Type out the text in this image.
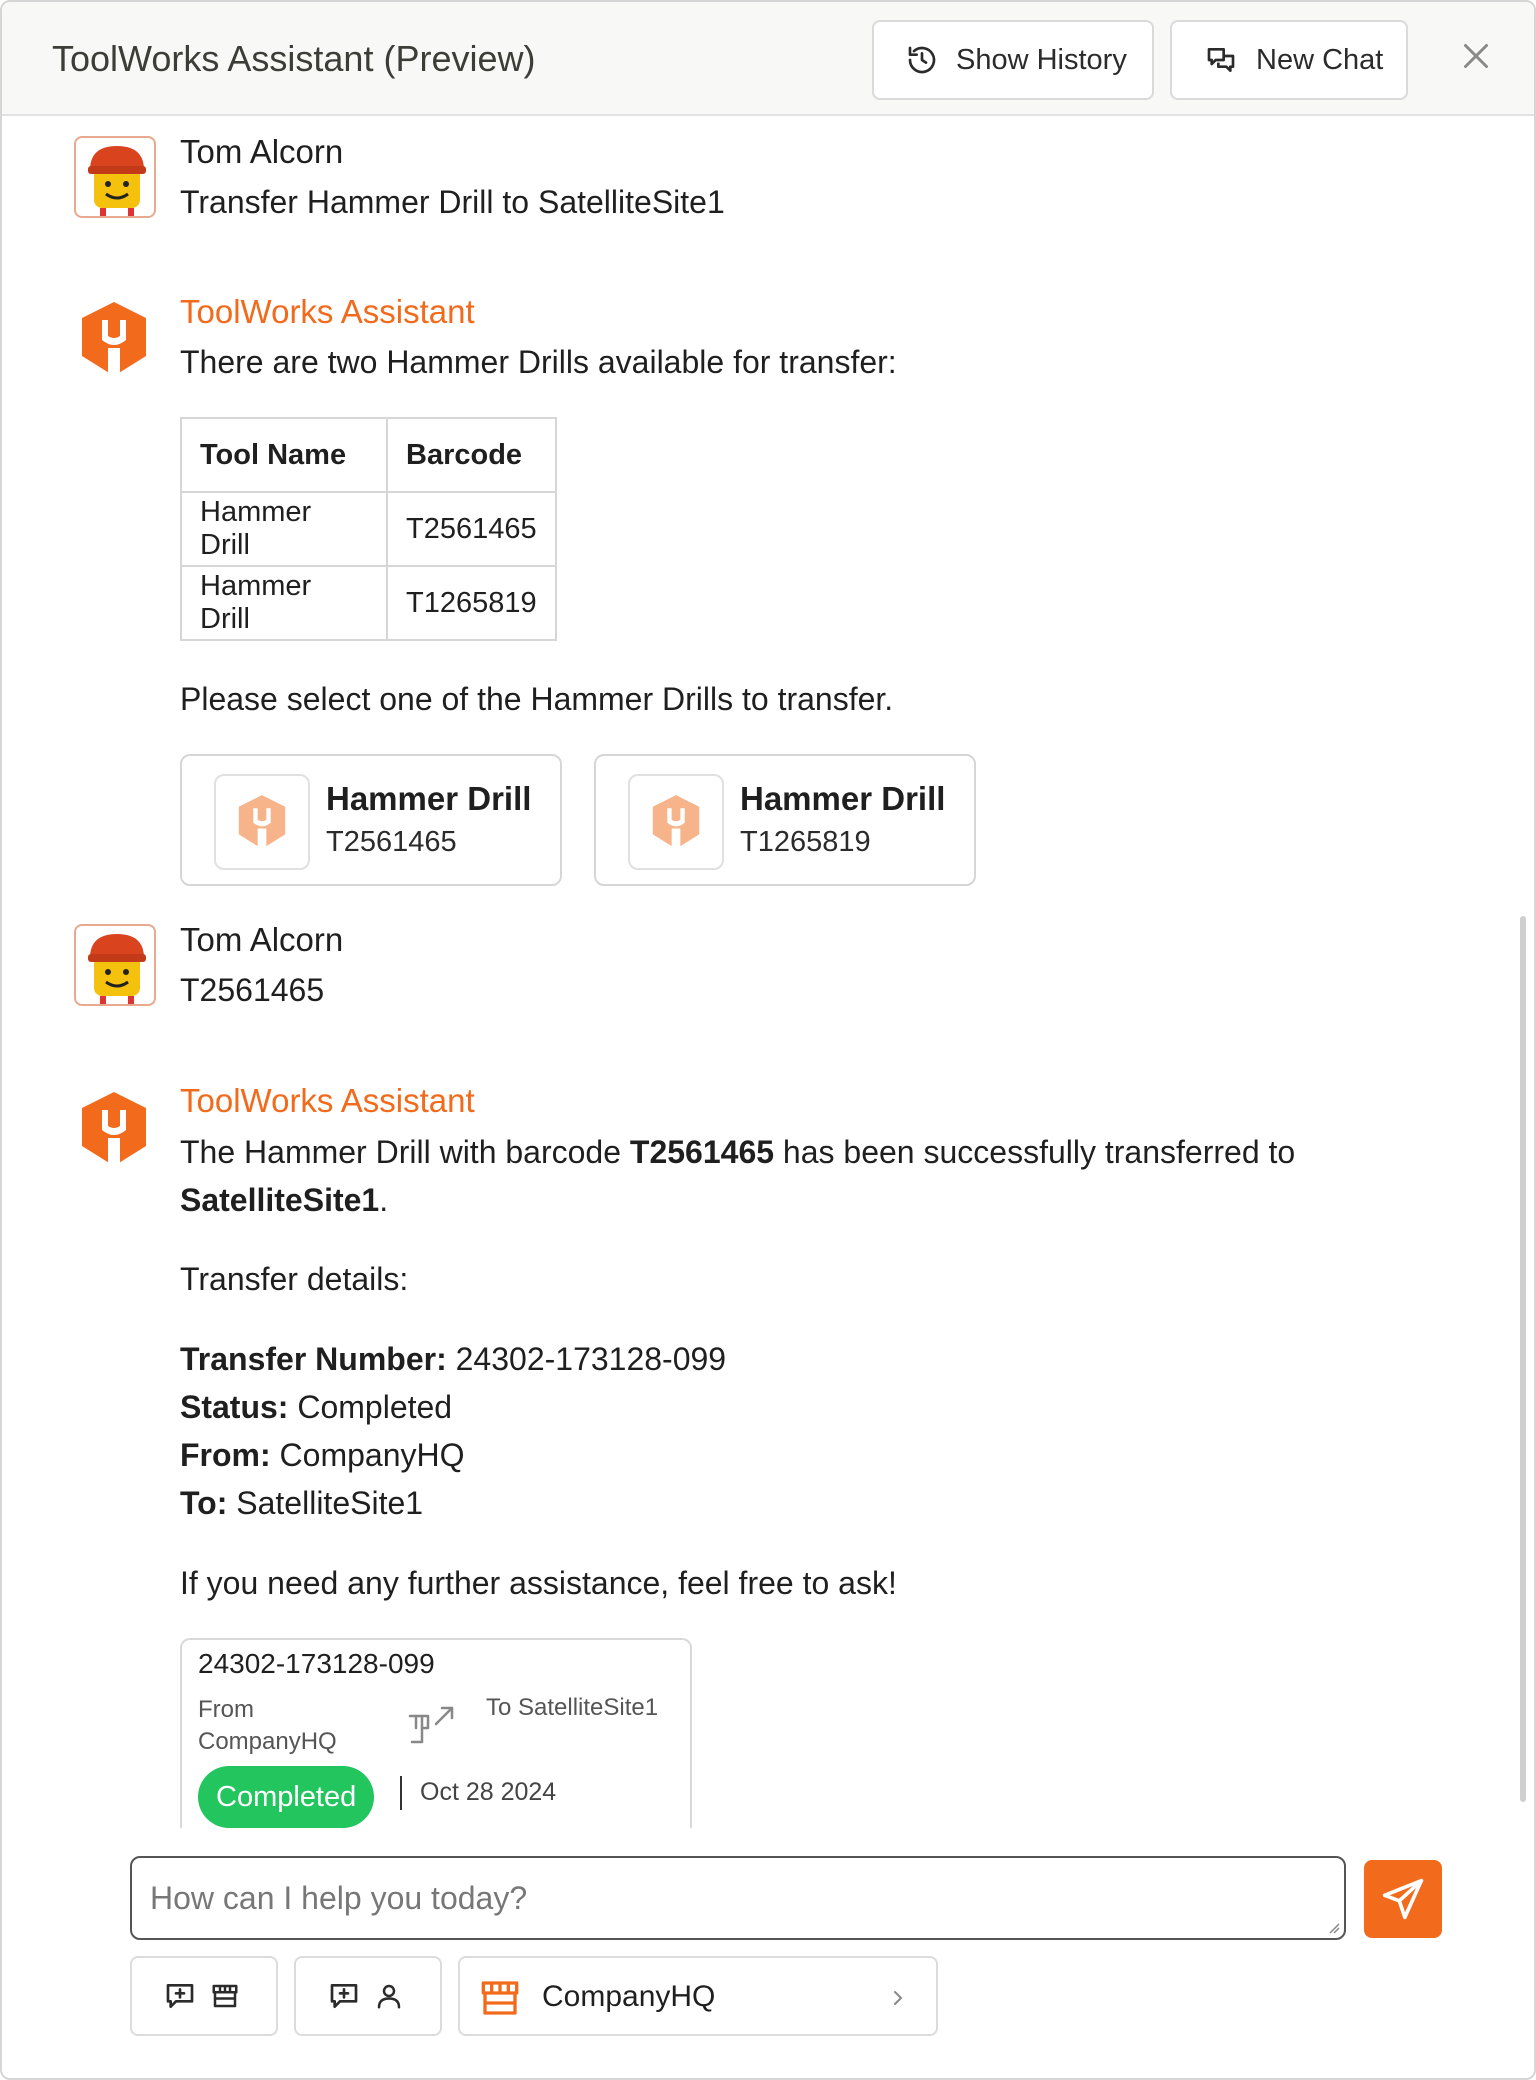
ToolWorks Assistant (Preview)	Show History	New Chat
Tom Alcorn
Transfer Hammer Drill to SatelliteSite1
ToolWorks Assistant
There are two Hammer Drills available for transfer:
Tool Name	Barcode
Hammer Drill	T2561465
Hammer Drill	T1265819
Please select one of the Hammer Drills to transfer.
Hammer Drill
T2561465
Hammer Drill
T1265819
Tom Alcorn
T2561465
ToolWorks Assistant
The Hammer Drill with barcode T2561465 has been successfully transferred to SatelliteSite1.
Transfer details:
Transfer Number: 24302-173128-099
Status: Completed
From: CompanyHQ
To: SatelliteSite1
If you need any further assistance, feel free to ask!
24302-173128-099
From CompanyHQ
To SatelliteSite1
Completed	Oct 28 2024
How can I help you today?
CompanyHQ
